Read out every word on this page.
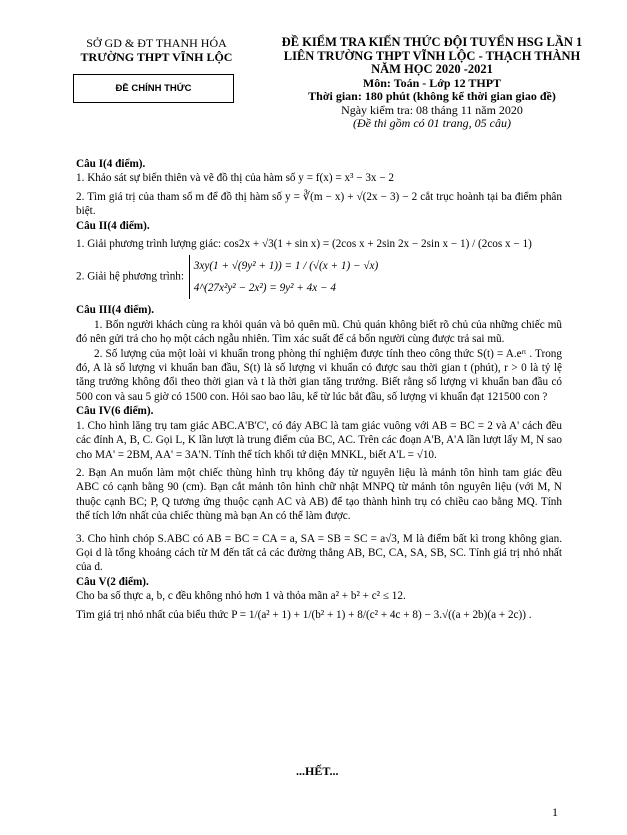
SỞ GD & ĐT THANH HÓA
TRƯỜNG THPT VĨNH LỘC
ĐỀ CHÍNH THỨC
ĐỀ KIỂM TRA KIẾN THỨC ĐỘI TUYỂN HSG LẦN 1
LIÊN TRƯỜNG THPT VĨNH LỘC - THẠCH THÀNH
NĂM HỌC 2020 -2021
Môn: Toán - Lớp 12 THPT
Thời gian: 180 phút (không kể thời gian giao đề)
Ngày kiểm tra: 08 tháng 11 năm 2020
(Đề thi gồm có 01 trang, 05 câu)

Câu I(4 điểm).

1. Khảo sát sự biến thiên và vẽ đồ thị của hàm số y = f(x) = x³ − 3x − 2

2. Tìm giá trị của tham số m để đồ thị hàm số y = ∛(m − x) + √(2x − 3) − 2 cắt trục hoành tại ba điểm phân biệt.

Câu II(4 điểm).

1. Giải phương trình lượng giác: cos2x + √3(1 + sin x) = (2cos x + 2sin 2x − 2sin x − 1) / (2cos x − 1)

2. Giải hệ phương trình: 3xy(1 + √(9y² + 1)) = 1 / (√(x + 1) − √x)
4^(27x²y² − 2x²) = 9y² + 4x − 4

Câu III(4 điểm).

1. Bốn người khách cùng ra khỏi quán và bỏ quên mũ. Chủ quán không biết rõ chủ của những chiếc mũ đó nên gửi trả cho họ một cách ngẫu nhiên. Tìm xác suất để cả bốn người cùng được trả sai mũ.

2. Số lượng của một loài vi khuẩn trong phòng thí nghiệm được tính theo công thức S(t) = A.eʳᵗ . Trong đó, A là số lượng vi khuẩn ban đầu, S(t) là số lượng vi khuẩn có được sau thời gian t (phút), r > 0 là tỷ lệ tăng trưởng không đổi theo thời gian và t là thời gian tăng trưởng. Biết rằng số lượng vi khuẩn ban đầu có 500 con và sau 5 giờ có 1500 con. Hỏi sao bao lâu, kể từ lúc bắt đầu, số lượng vi khuẩn đạt 121500 con ?

Câu IV(6 điểm).

1. Cho hình lăng trụ tam giác ABC.A'B'C', có đáy ABC là tam giác vuông với AB = BC = 2 và A' cách đều các đỉnh A, B, C. Gọi L, K lần lượt là trung điểm của BC, AC. Trên các đoạn A'B, A'A lần lượt lấy M, N sao cho MA' = 2BM, AA' = 3A'N. Tính thể tích khối tứ diện MNKL, biết A'L = √10.

2. Bạn An muốn làm một chiếc thùng hình trụ không đáy từ nguyên liệu là mảnh tôn hình tam giác đều ABC có cạnh bằng 90 (cm). Bạn cắt mảnh tôn hình chữ nhật MNPQ từ mảnh tôn nguyên liệu (với M, N thuộc cạnh BC; P, Q tương ứng thuộc cạnh AC và AB) để tạo thành hình trụ có chiều cao bằng MQ. Tính thể tích lớn nhất của chiếc thùng mà bạn An có thể làm được.

3. Cho hình chóp S.ABC có AB = BC = CA = a, SA = SB = SC = a√3, M là điểm bất kì trong không gian. Gọi d là tổng khoảng cách từ M đến tất cả các đường thẳng AB, BC, CA, SA, SB, SC. Tính giá trị nhỏ nhất của d.

Câu V(2 điểm).

Cho ba số thực a, b, c đều không nhỏ hơn 1 và thỏa mãn a² + b² + c² ≤ 12.

Tìm giá trị nhỏ nhất của biểu thức P = 1/(a² + 1) + 1/(b² + 1) + 8/(c² + 4c + 8) − 3.√((a + 2b)(a + 2c)) .

...HẾT...
1
